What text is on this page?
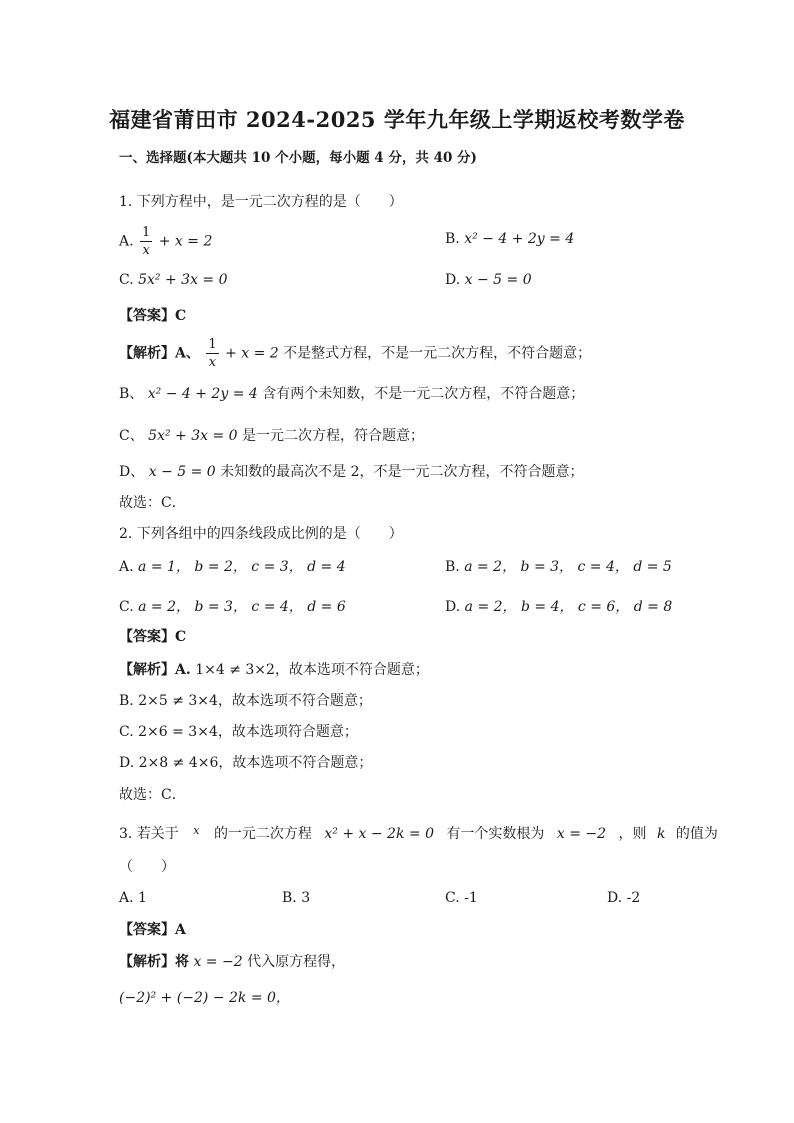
福建省莆田市 2024-2025 学年九年级上学期返校考数学卷
一、选择题(本大题共 10 个小题，每小题 4 分，共 40 分)
1. 下列方程中，是一元二次方程的是（　　）
A. $\frac{1}{x} + x = 2$	B. x² − 4 + 2y = 4
C. 5x² + 3x = 0	D. x − 5 = 0
【答案】C
【解析】A、 $\frac{1}{x} + x = 2$ 不是整式方程，不是一元二次方程，不符合题意；
B、 x² − 4 + 2y = 4 含有两个未知数，不是一元二次方程，不符合题意；
C、 5x² + 3x = 0 是一元二次方程，符合题意；
D、 x − 5 = 0 未知数的最高次不是 2，不是一元二次方程，不符合题意；
故选：C．
2. 下列各组中的四条线段成比例的是（　　）
A. a = 1， b = 2， c = 3， d = 4	B. a = 2， b = 3， c = 4， d = 5
C. a = 2， b = 3， c = 4， d = 6	D. a = 2， b = 4， c = 6， d = 8
【答案】C
【解析】A. 1×4 ≠ 3×2，故本选项不符合题意；
B. 2×5 ≠ 3×4，故本选项不符合题意；
C. 2×6 = 3×4，故本选项符合题意；
D. 2×8 ≠ 4×6，故本选项不符合题意；
故选：C．
3. 若关于 $^x$ 的一元二次方程 x² + x − 2k = 0 有一个实数根为 x = −2 ，则 k 的值为
（　　）
A. 1	B. 3	C. -1	D. -2
【答案】A
【解析】将 x = −2 代入原方程得，
(−2)² + (−2) − 2k = 0，
